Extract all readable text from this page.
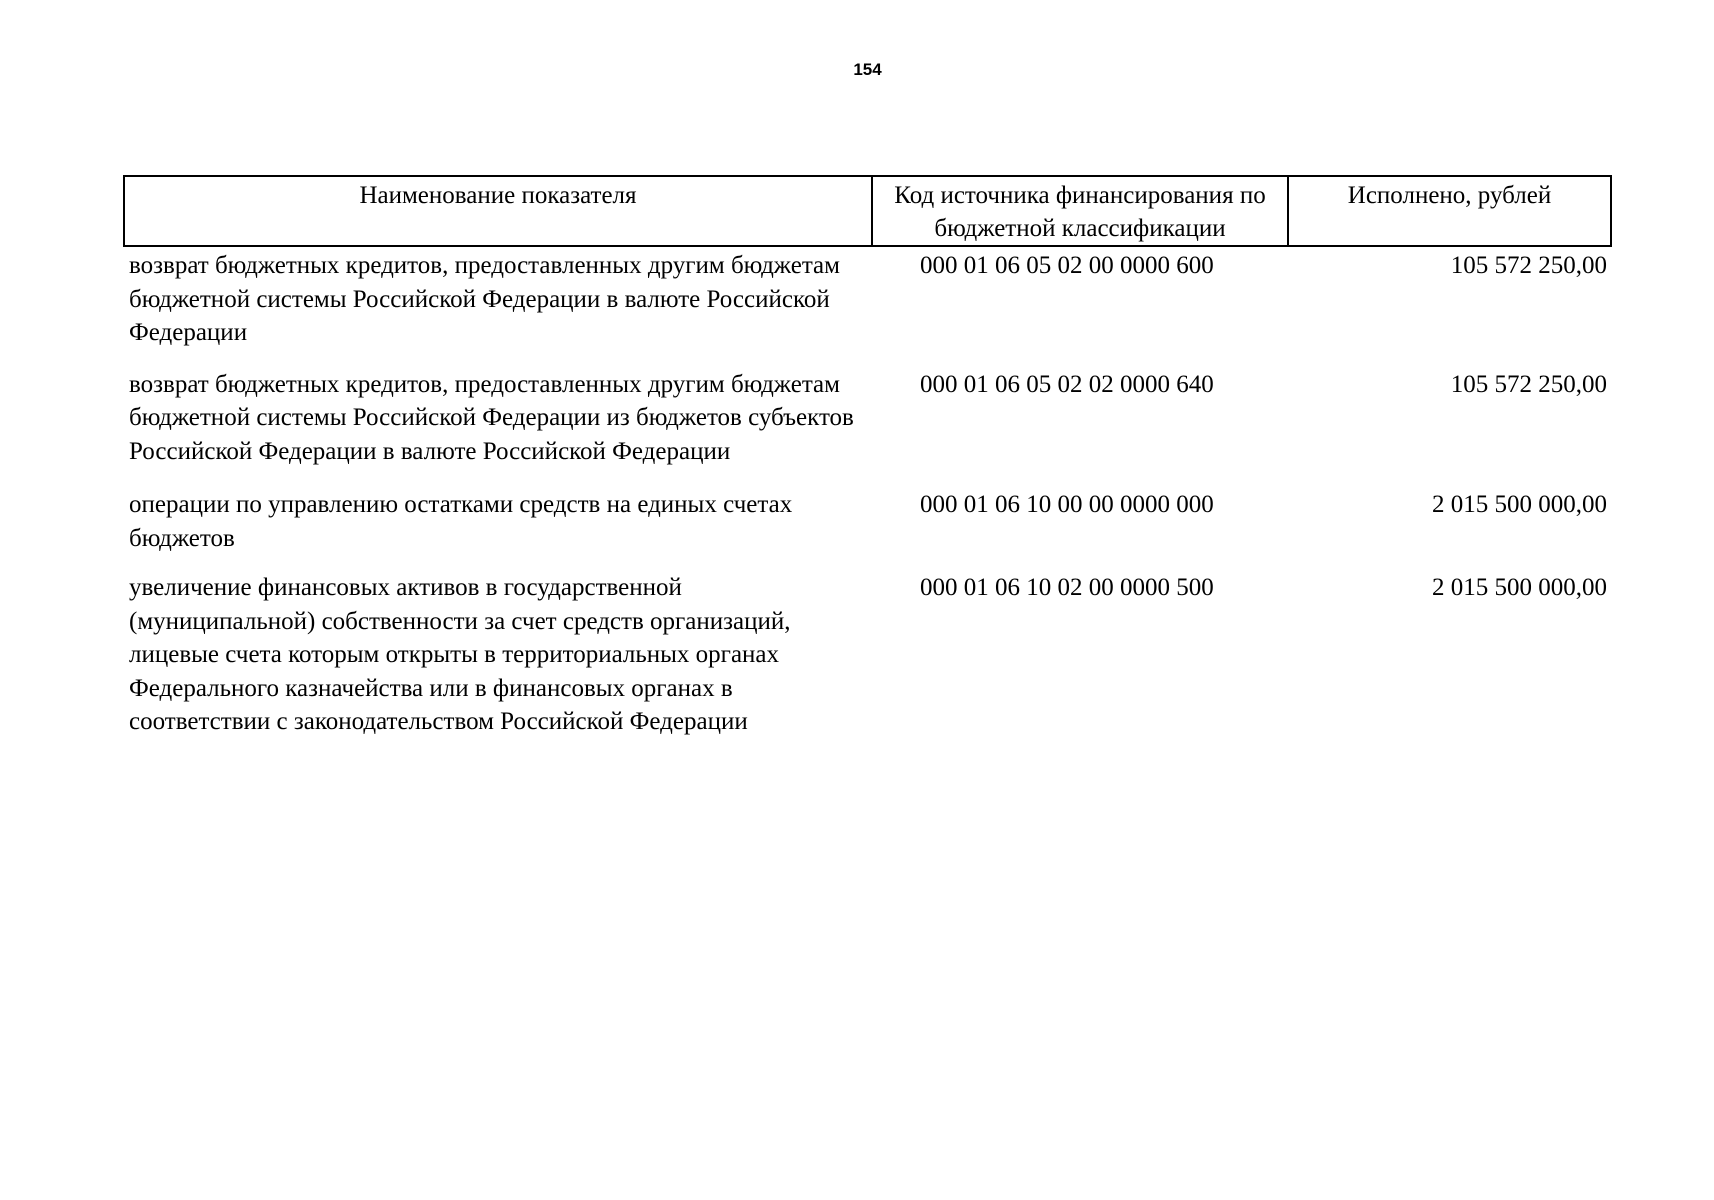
154
Наименование показателя	Код источника финансирования по бюджетной классификации	Исполнено, рублей
возврат бюджетных кредитов, предоставленных другим бюджетам бюджетной системы Российской Федерации в валюте Российской Федерации	000 01 06 05 02 00 0000 600	105 572 250,00
возврат бюджетных кредитов, предоставленных другим бюджетам бюджетной системы Российской Федерации из бюджетов субъектов Российской Федерации в валюте Российской Федерации	000 01 06 05 02 02 0000 640	105 572 250,00
операции по управлению остатками средств на единых счетах бюджетов	000 01 06 10 00 00 0000 000	2 015 500 000,00
увеличение финансовых активов в государственной (муниципальной) собственности за счет средств организаций, лицевые счета которым открыты в территориальных органах Федерального казначейства или в финансовых органах в соответствии с законодательством Российской Федерации	000 01 06 10 02 00 0000 500	2 015 500 000,00
